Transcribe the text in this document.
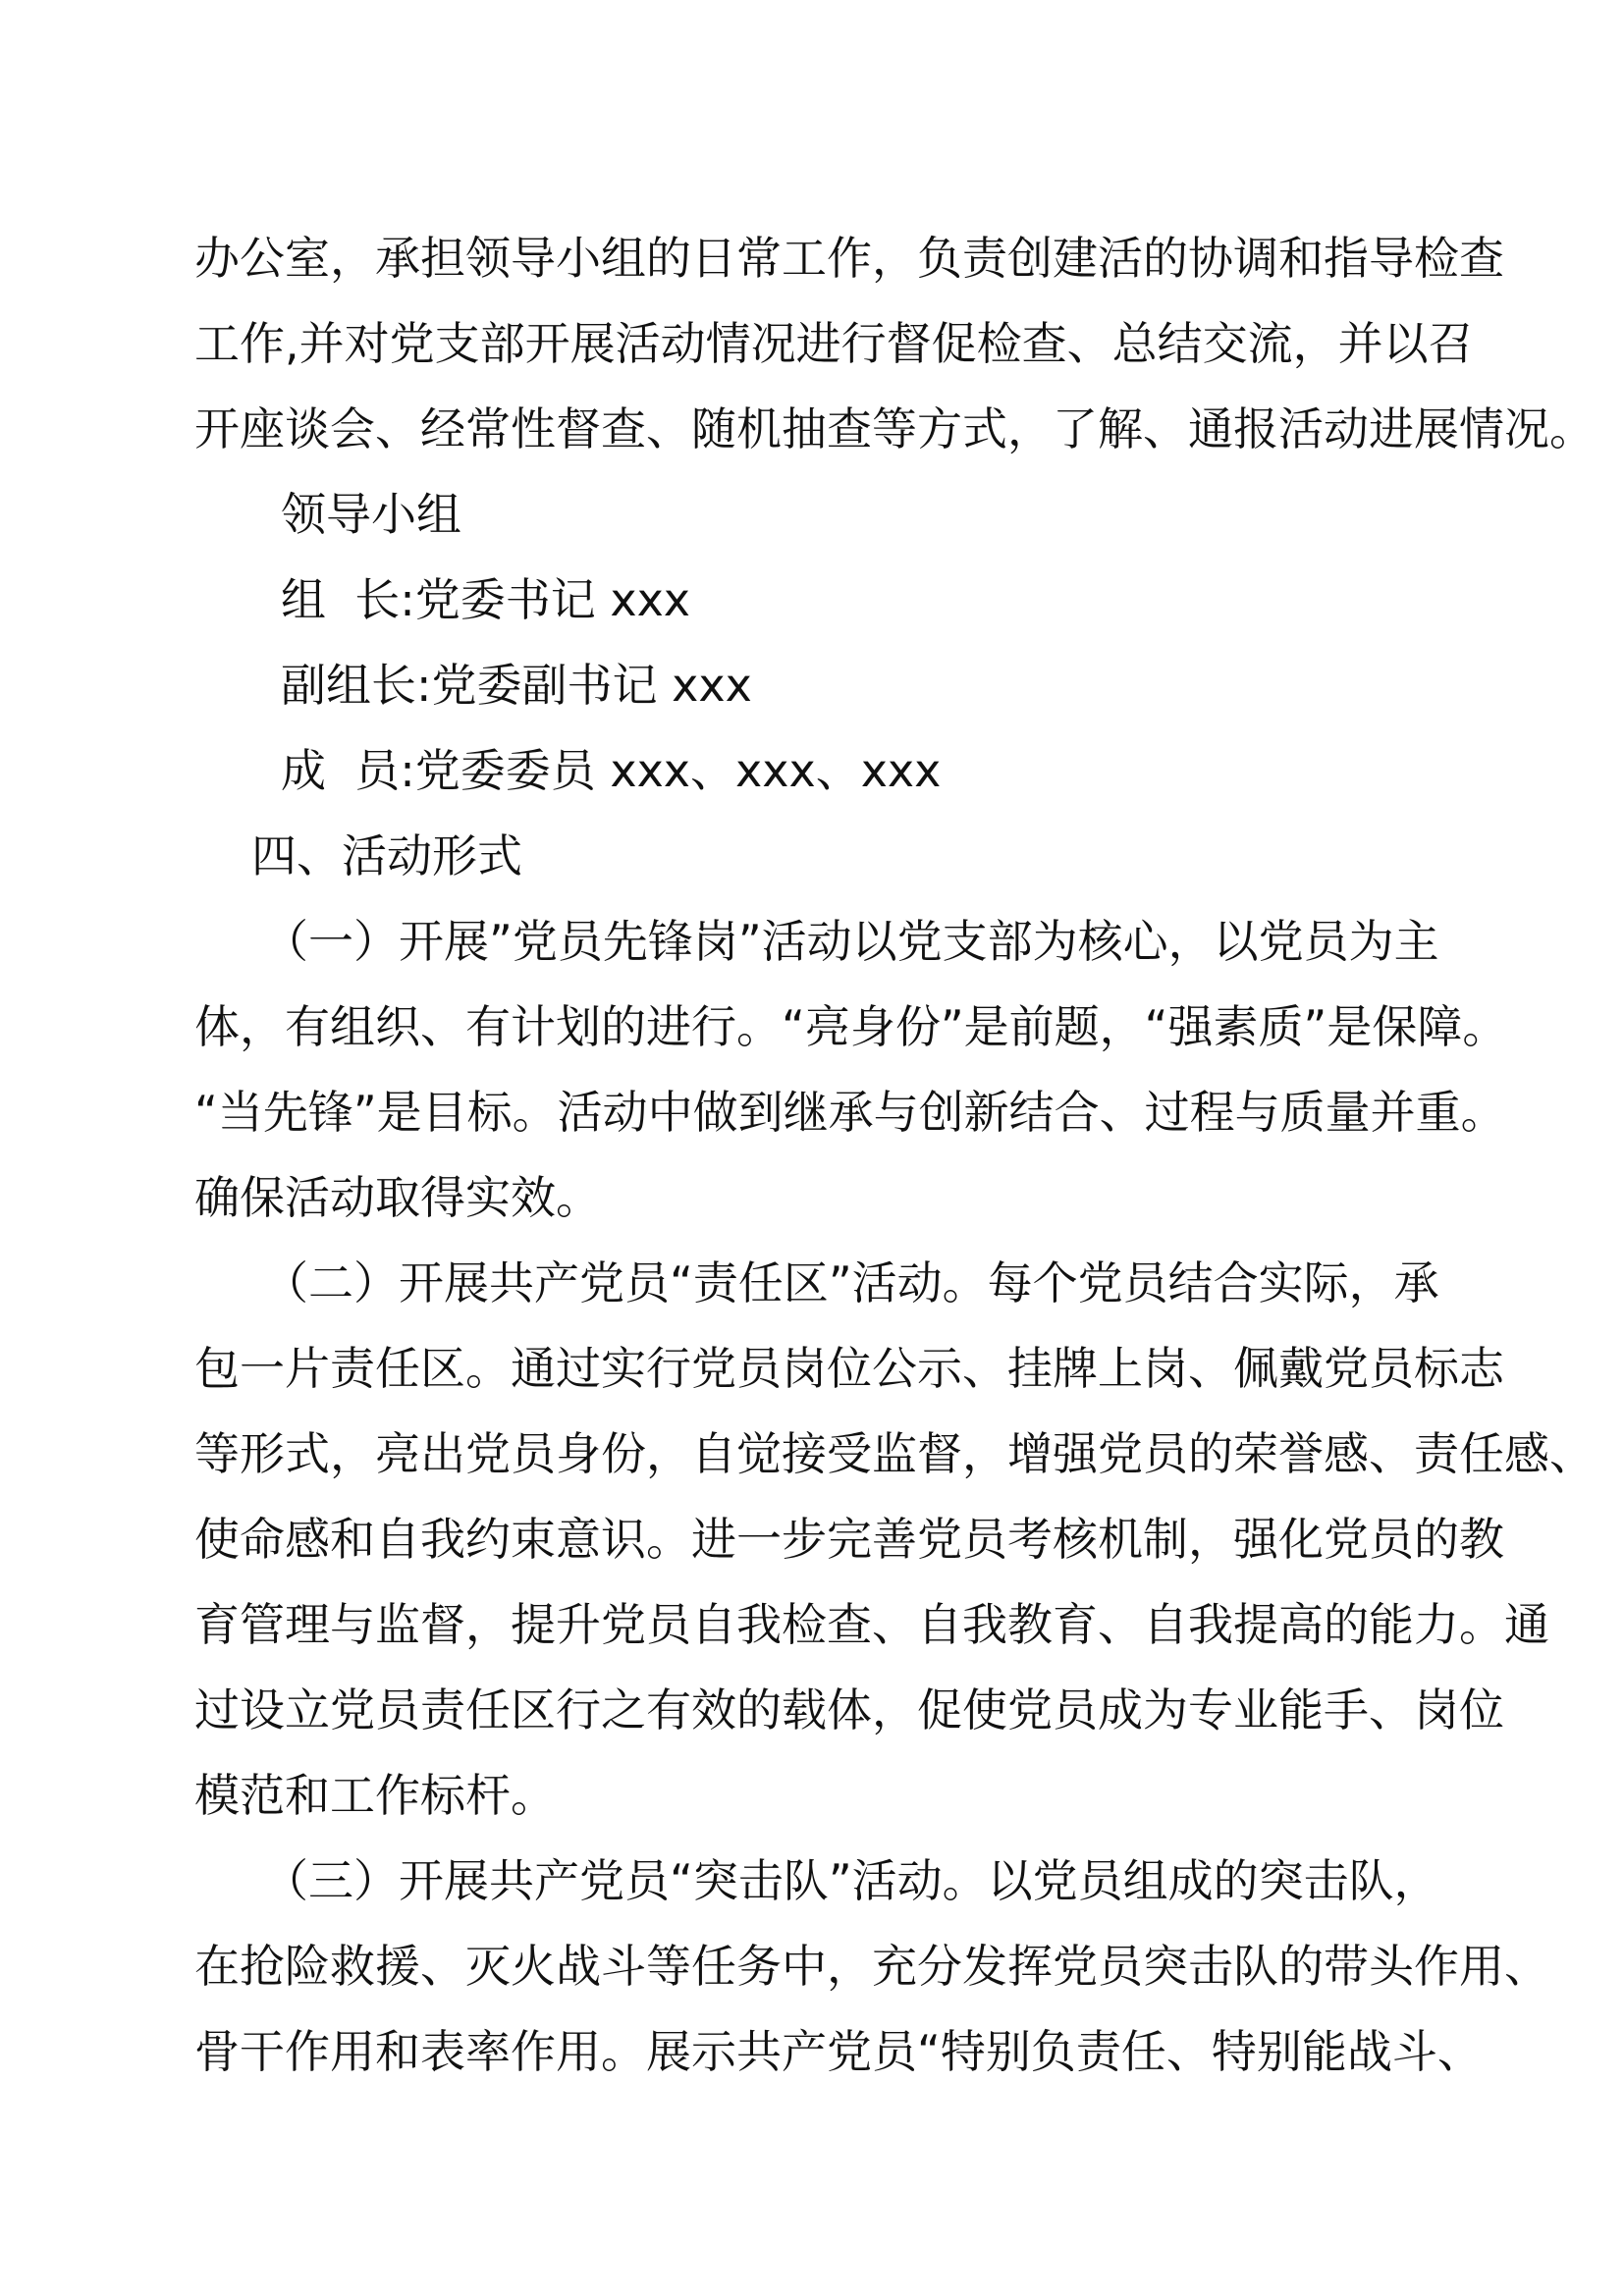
办公室，承担领导小组的日常工作，负责创建活的协调和指导检查
工作,并对党支部开展活动情况进行督促检查、总结交流，并以召
开座谈会、经常性督查、随机抽查等方式，了解、通报活动进展情况。
领导小组
组  长:党委书记 xxx
副组长:党委副书记 xxx
成  员:党委委员 xxx、xxx、xxx
四、活动形式
（一）开展”党员先锋岗”活动以党支部为核心，以党员为主
体，有组织、有计划的进行。“亮身份”是前题，“强素质”是保障。
“当先锋”是目标。活动中做到继承与创新结合、过程与质量并重。
确保活动取得实效。
（二）开展共产党员“责任区”活动。每个党员结合实际，承
包一片责任区。通过实行党员岗位公示、挂牌上岗、佩戴党员标志
等形式，亮出党员身份，自觉接受监督，增强党员的荣誉感、责任感、
使命感和自我约束意识。进一步完善党员考核机制，强化党员的教
育管理与监督，提升党员自我检查、自我教育、自我提高的能力。通
过设立党员责任区行之有效的载体，促使党员成为专业能手、岗位
模范和工作标杆。
（三）开展共产党员“突击队”活动。以党员组成的突击队，
在抢险救援、灭火战斗等任务中，充分发挥党员突击队的带头作用、
骨干作用和表率作用。展示共产党员“特别负责任、特别能战斗、
